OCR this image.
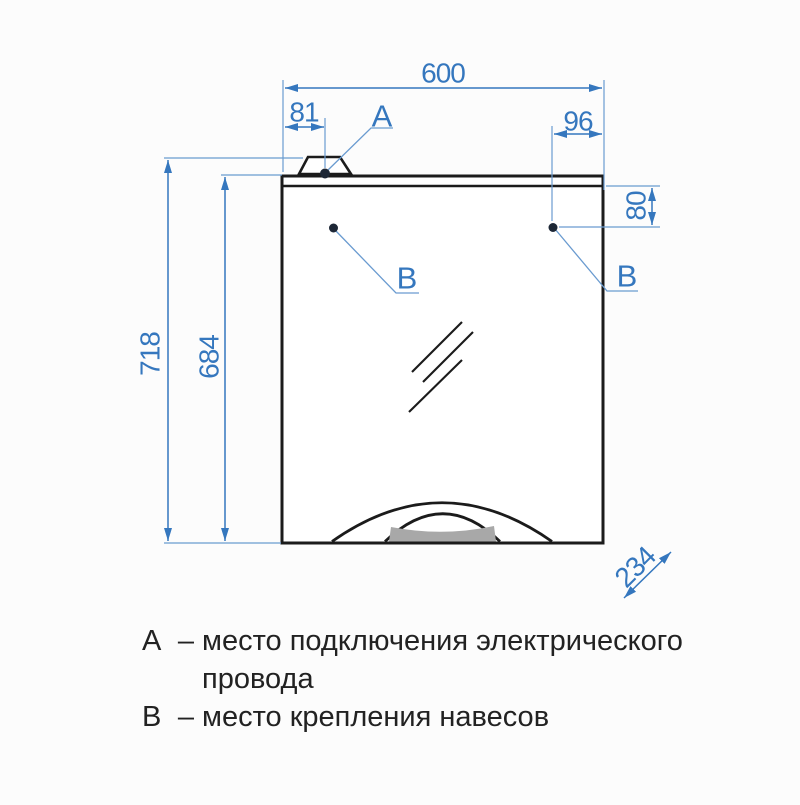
600
81	96
80
718 684
234
A
B	B
А – место подключения электрического
провода
В – место крепления навесов
